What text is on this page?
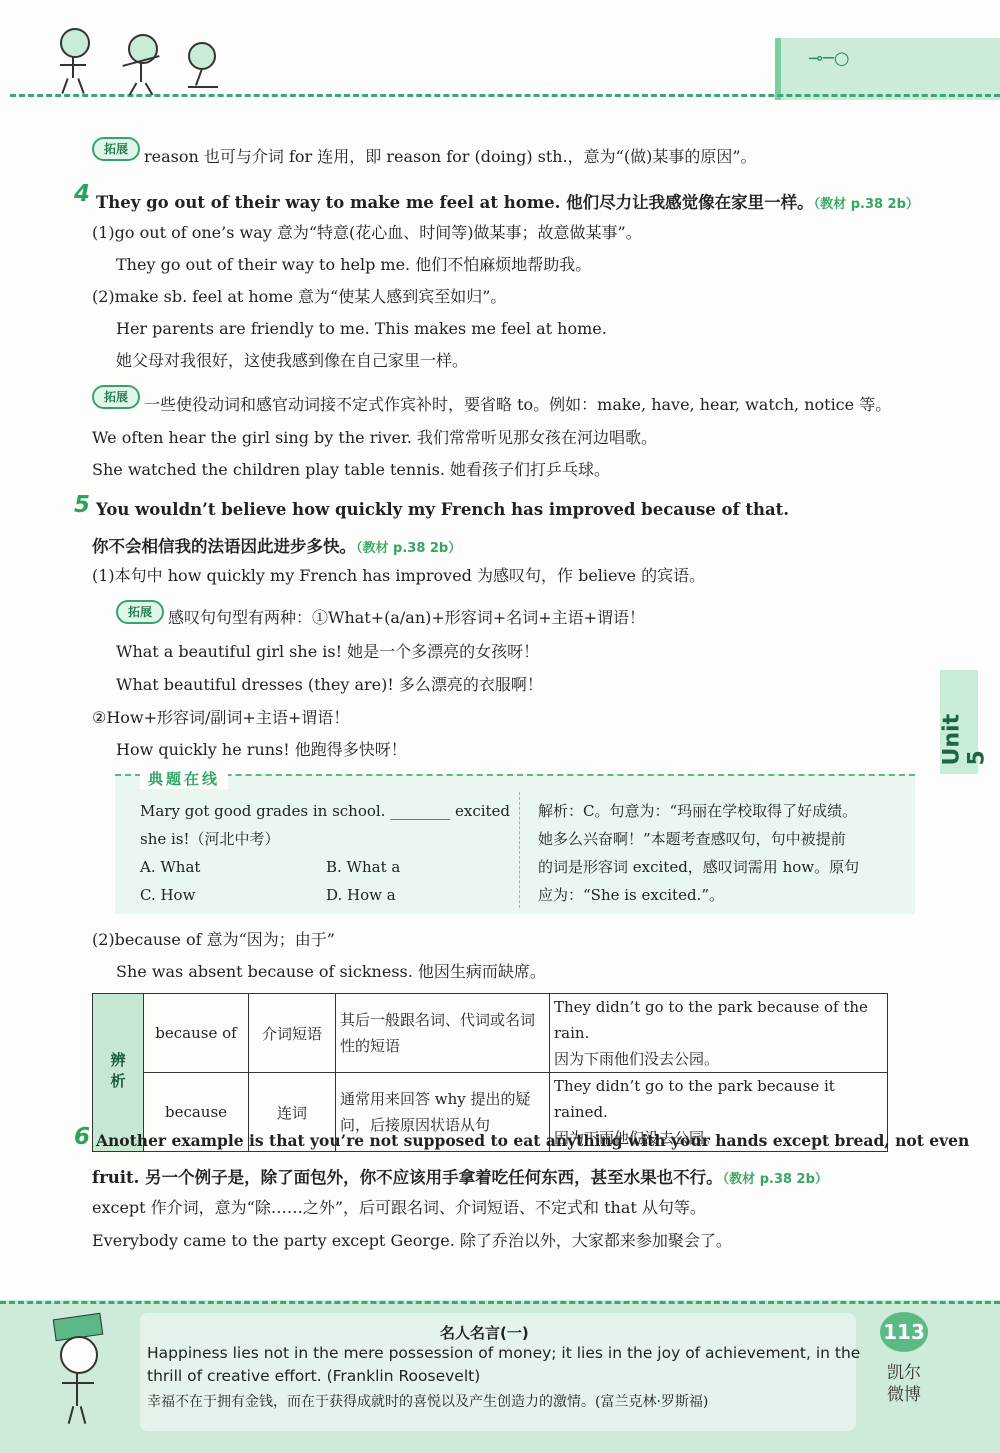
⊸─○
拓展	reason 也可与介词 for 连用，即 reason for (doing) sth.，意为“(做)某事的原因”。
4 They go out of their way to make me feel at home. 他们尽力让我感觉像在家里一样。（教材 p.38 2b）
(1)go out of one’s way 意为“特意(花心血、时间等)做某事；故意做某事”。
They go out of their way to help me. 他们不怕麻烦地帮助我。
(2)make sb. feel at home 意为“使某人感到宾至如归”。
Her parents are friendly to me. This makes me feel at home.
她父母对我很好，这使我感到像在自己家里一样。
拓展	一些使役动词和感官动词接不定式作宾补时，要省略 to。例如：make, have, hear, watch, notice 等。
We often hear the girl sing by the river. 我们常常听见那女孩在河边唱歌。
She watched the children play table tennis. 她看孩子们打乒乓球。
5 You wouldn’t believe how quickly my French has improved because of that.
你不会相信我的法语因此进步多快。（教材 p.38 2b）
(1)本句中 how quickly my French has improved 为感叹句，作 believe 的宾语。
拓展	感叹句句型有两种：①What+(a/an)+形容词+名词+主语+谓语！
What a beautiful girl she is! 她是一个多漂亮的女孩呀！
What beautiful dresses (they are)! 多么漂亮的衣服啊！
②How+形容词/副词+主语+谓语！
How quickly he runs! 他跑得多快呀！
典题在线
Mary got good grades in school. ________ excited
she is!（河北中考）
A. What	B. What a
C. How	D. How a
解析：C。句意为：“玛丽在学校取得了好成绩。
她多么兴奋啊！”本题考查感叹句，句中被提前
的词是形容词 excited，感叹词需用 how。原句
应为：“She is excited.”。
(2)because of 意为“因为；由于”
She was absent because of sickness. 他因生病而缺席。
辨析	because of	介词短语	其后一般跟名词、代词或名词性的短语	They didn’t go to the park because of the rain.
因为下雨他们没去公园。

	because	连词	通常用来回答 why 提出的疑问，后接原因状语从句	They didn’t go to the park because it rained.
因为下雨他们没去公园。
6 Another example is that you’re not supposed to eat anything with your hands except bread, not even
fruit. 另一个例子是，除了面包外，你不应该用手拿着吃任何东西，甚至水果也不行。（教材 p.38 2b）
except 作介词，意为“除……之外”，后可跟名词、介词短语、不定式和 that 从句等。
Everybody came to the party except George. 除了乔治以外，大家都来参加聚会了。
Unit 5
名人名言(一)
Happiness lies not in the mere possession of money; it lies in the joy of achievement, in the
thrill of creative effort. (Franklin Roosevelt)
幸福不在于拥有金钱，而在于获得成就时的喜悦以及产生创造力的激情。(富兰克林·罗斯福)
113
凯尔微博
